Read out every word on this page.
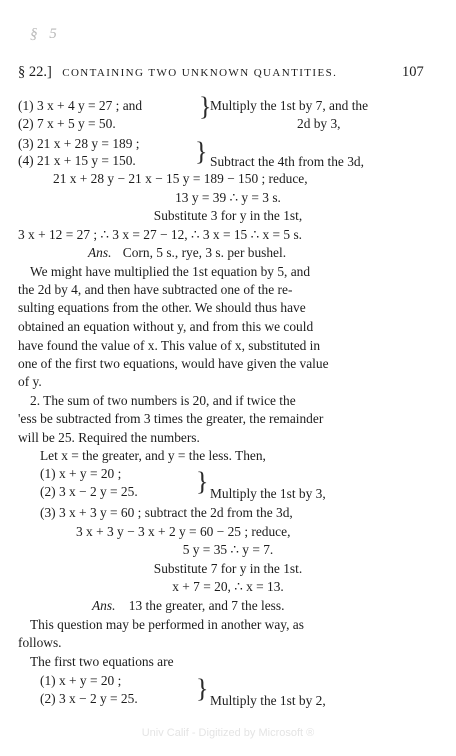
§ 5
§ 22.] CONTAINING TWO UNKNOWN QUANTITIES.	107
(1) 3 x + 4 y = 27 ; and }
Multiply the 1st by 7, and the
(2) 7 x + 5 y = 50.	2d by 3,
(3) 21 x + 28 y = 189 ; }
(4) 21 x + 15 y = 150.	Subtract the 4th from the 3d,
21 x + 28 y − 21 x − 15 y = 189 − 150 ; reduce,
13 y = 39 ∴ y = 3 s.
Substitute 3 for y in the 1st,
3 x + 12 = 27 ; ∴ 3 x = 27 − 12, ∴ 3 x = 15 ∴ x = 5 s.
Ans. Corn, 5 s., rye, 3 s. per bushel.
We might have multiplied the 1st equation by 5, and
the 2d by 4, and then have subtracted one of the re-
sulting equations from the other. We should thus have
obtained an equation without y, and from this we could
have found the value of x. This value of x, substituted in
one of the first two equations, would have given the value
of y.
2. The sum of two numbers is 20, and if twice the
'ess be subtracted from 3 times the greater, the remainder
will be 25. Required the numbers.
Let x = the greater, and y = the less. Then,
(1) x + y = 20 ;	}
(2) 3 x − 2 y = 25.	Multiply the 1st by 3,
(3) 3 x + 3 y = 60 ; subtract the 2d from the 3d,
3 x + 3 y − 3 x + 2 y = 60 − 25 ; reduce,
5 y = 35 ∴ y = 7.
Substitute 7 for y in the 1st.
x + 7 = 20, ∴ x = 13.
Ans. 13 the greater, and 7 the less.
This question may be performed in another way, as
follows.
The first two equations are
(1) x + y = 20 ;	}
(2) 3 x − 2 y = 25.	Multiply the 1st by 2,
Univ Calif - Digitized by Microsoft ®
